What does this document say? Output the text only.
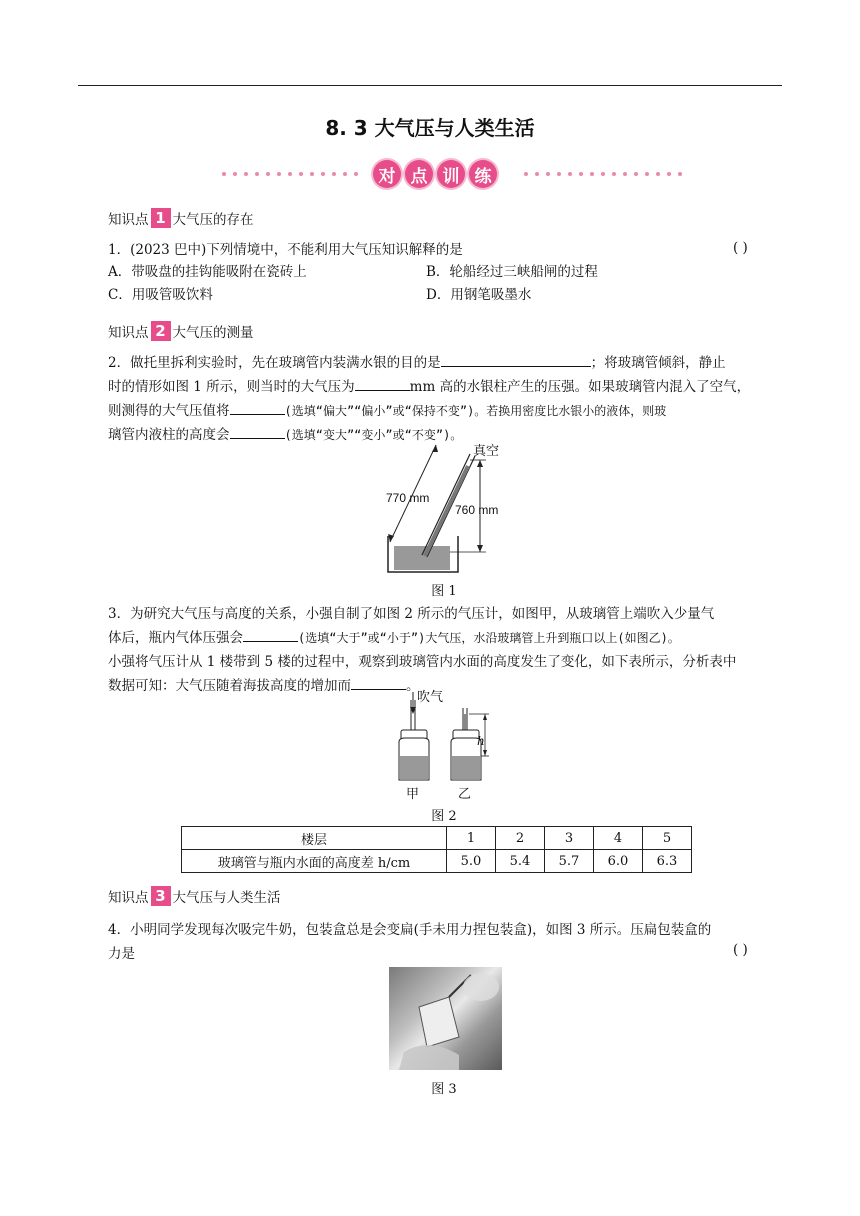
8. 3 大气压与人类生活
对 点 训 练
知识点 1 大气压的存在
1．(2023 巴中)下列情境中，不能利用大气压知识解释的是	( )
A．带吸盘的挂钩能吸附在瓷砖上	B．轮船经过三峡船闸的过程
C．用吸管吸饮料	D．用钢笔吸墨水
知识点 2 大气压的测量
2．做托里拆利实验时，先在玻璃管内装满水银的目的是	；将玻璃管倾斜，静止
时的情形如图 1 所示，则当时的大气压为	mm 高的水银柱产生的压强。如果玻璃管内混入了空气，
则测得的大气压值将	(选填“偏大”“偏小”或“保持不变”)。若换用密度比水银小的液体，则玻
璃管内液柱的高度会	(选填“变大”“变小”或“不变”)。
真空
770 mm
760 mm
图 1
3．为研究大气压与高度的关系，小强自制了如图 2 所示的气压计，如图甲，从玻璃管上端吹入少量气
体后，瓶内气体压强会	(选填“大于”或“小于”)大气压，水沿玻璃管上升到瓶口以上(如图乙)。
小强将气压计从 1 楼带到 5 楼的过程中，观察到玻璃管内水面的高度发生了变化，如下表所示，分析表中
数据可知：大气压随着海拔高度的增加而	。
吹气
h
甲	乙
图 2
楼层	1	2	3	4	5
玻璃管与瓶内水面的高度差 h/cm	5.0	5.4	5.7	6.0	6.3
知识点 3 大气压与人类生活
4．小明同学发现每次吸完牛奶，包装盒总是会变扁(手未用力捏包装盒)，如图 3 所示。压扁包装盒的
力是	( )
图 3
